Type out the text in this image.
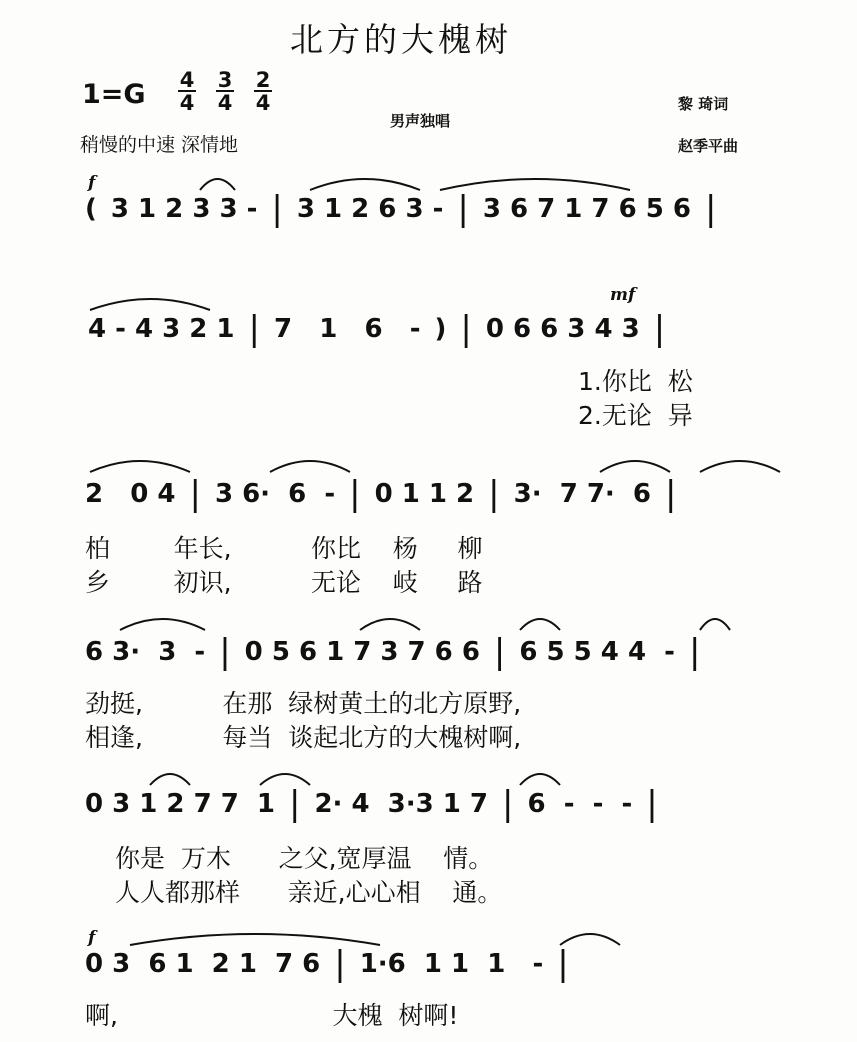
北方的大槐树
$1=G \frac{4}{4} \frac{3}{4} \frac{2}{4}$
稍慢的中速 深情地
男声独唱
黎 琦词
赵季平曲
f
( 3 1 2 3 3 - | 3 1 2 6 3 - | 3 6 7 1 7 6 5 6 |
mf
4 - 4 3 2 1 | 7   1   6   - ) | 0 6 6 3 4 3 |
1.你比  松
2.无论  异
2   0 4 | 3 6·  6  - | 0 1 1 2 | 3·  7 7·  6 |
柏        年长,          你比    杨     柳
乡        初识,          无论    岐     路
6 3·  3  - | 0 5 6 1 7 3 7 6 6 | 6 5 5 4 4  - |
劲挺,          在那  绿树黄土的北方原野,
相逢,          每当  谈起北方的大槐树啊,
0 3 1 2 7 7  1 | 2· 4  3·3 1 7 | 6  -  -  - |
你是  万木      之父,宽厚温    情。
人人都那样      亲近,心心相    通。
f
0 3  6 1  2 1  7 6 | 1·6  1 1  1   - |
啊,                           大槐  树啊!
